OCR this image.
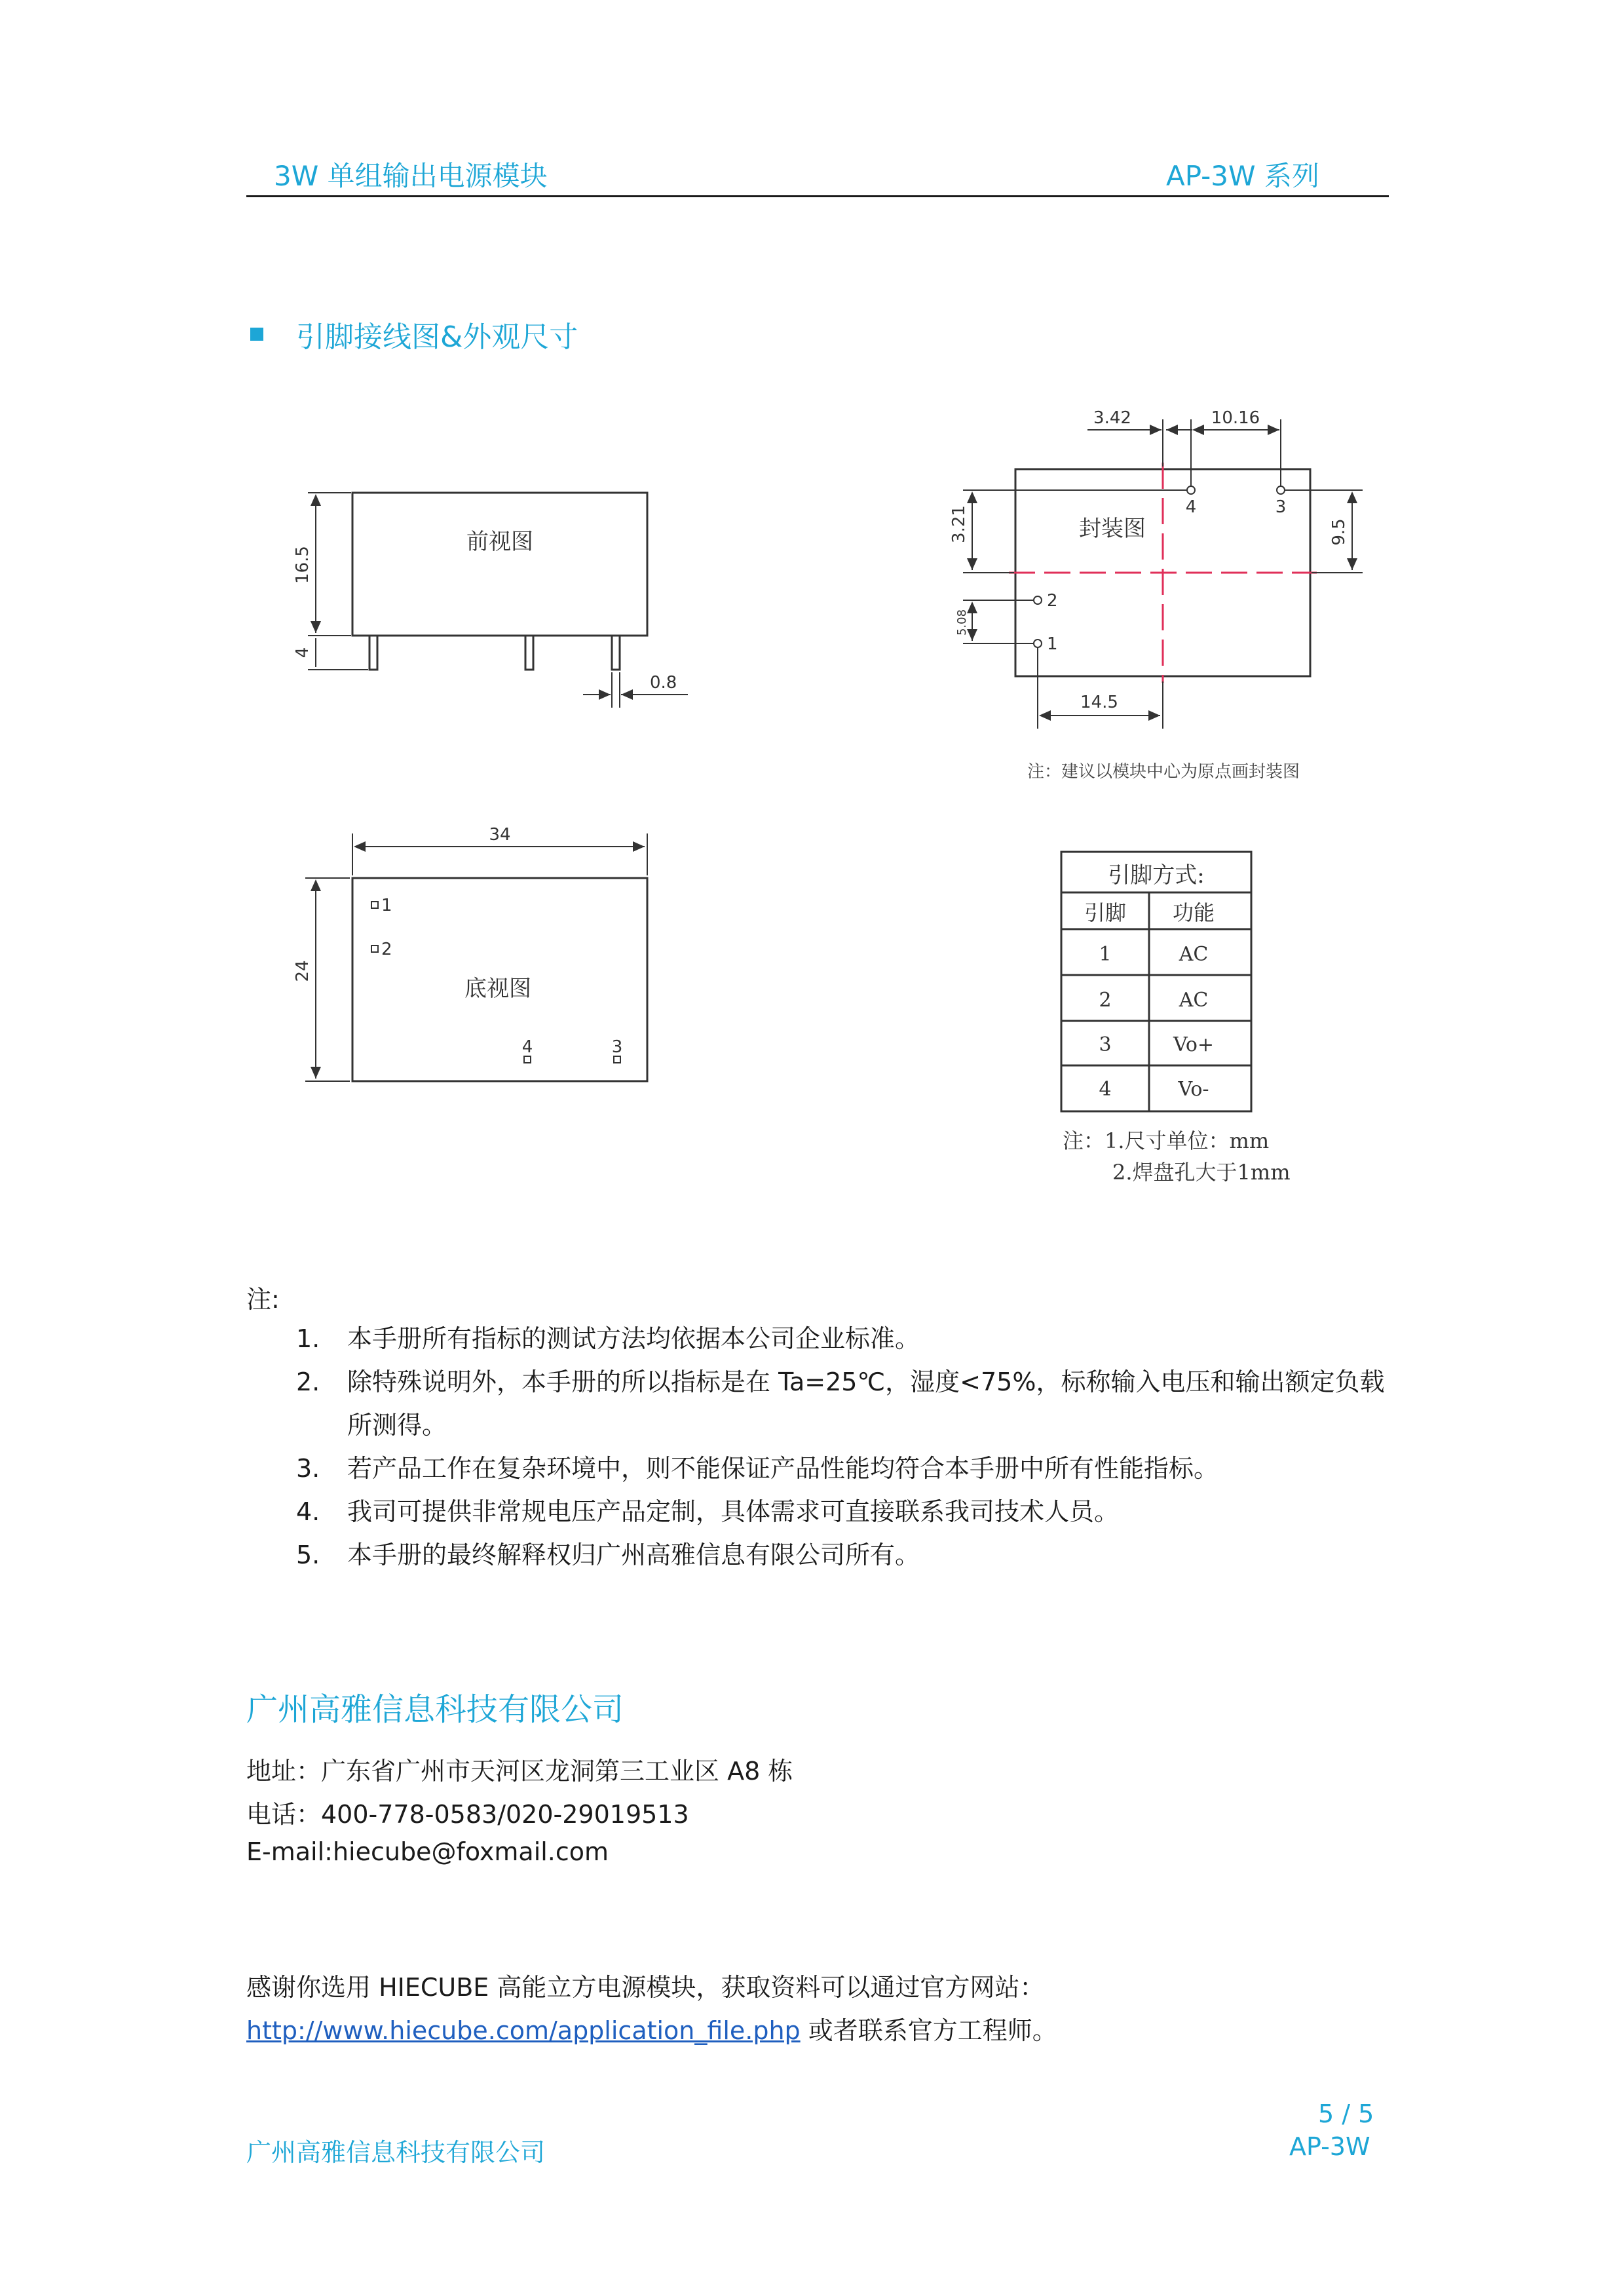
3W 单组输出电源模块	AP-3W 系列
引脚接线图&外观尺寸
前视图
16.5
4
0.8
封装图
3.42	10.16
3.21
5.08
9.5
14.5
4	3
2
1
注：建议以模块中心为原点画封装图
34
24
底视图
1
2
4	3
引脚方式:
引脚 功能
1	AC
2	AC
3	Vo+
4	Vo-
注：1.尺寸单位：mm
2.焊盘孔大于1mm
注:
1.	本手册所有指标的测试方法均依据本公司企业标准。
2.	除特殊说明外，本手册的所以指标是在 Ta=25℃，湿度<75%，标称输入电压和输出额定负载所测得。
3.	若产品工作在复杂环境中，则不能保证产品性能均符合本手册中所有性能指标。
4.	我司可提供非常规电压产品定制，具体需求可直接联系我司技术人员。
5.	本手册的最终解释权归广州高雅信息有限公司所有。
广州高雅信息科技有限公司
地址：广东省广州市天河区龙洞第三工业区 A8 栋
电话：400-778-0583/020-29019513
E-mail:hiecube@foxmail.com
感谢你选用 HIECUBE 高能立方电源模块，获取资料可以通过官方网站：
http://www.hiecube.com/application_file.php 或者联系官方工程师。
5 / 5
广州高雅信息科技有限公司	AP-3W
